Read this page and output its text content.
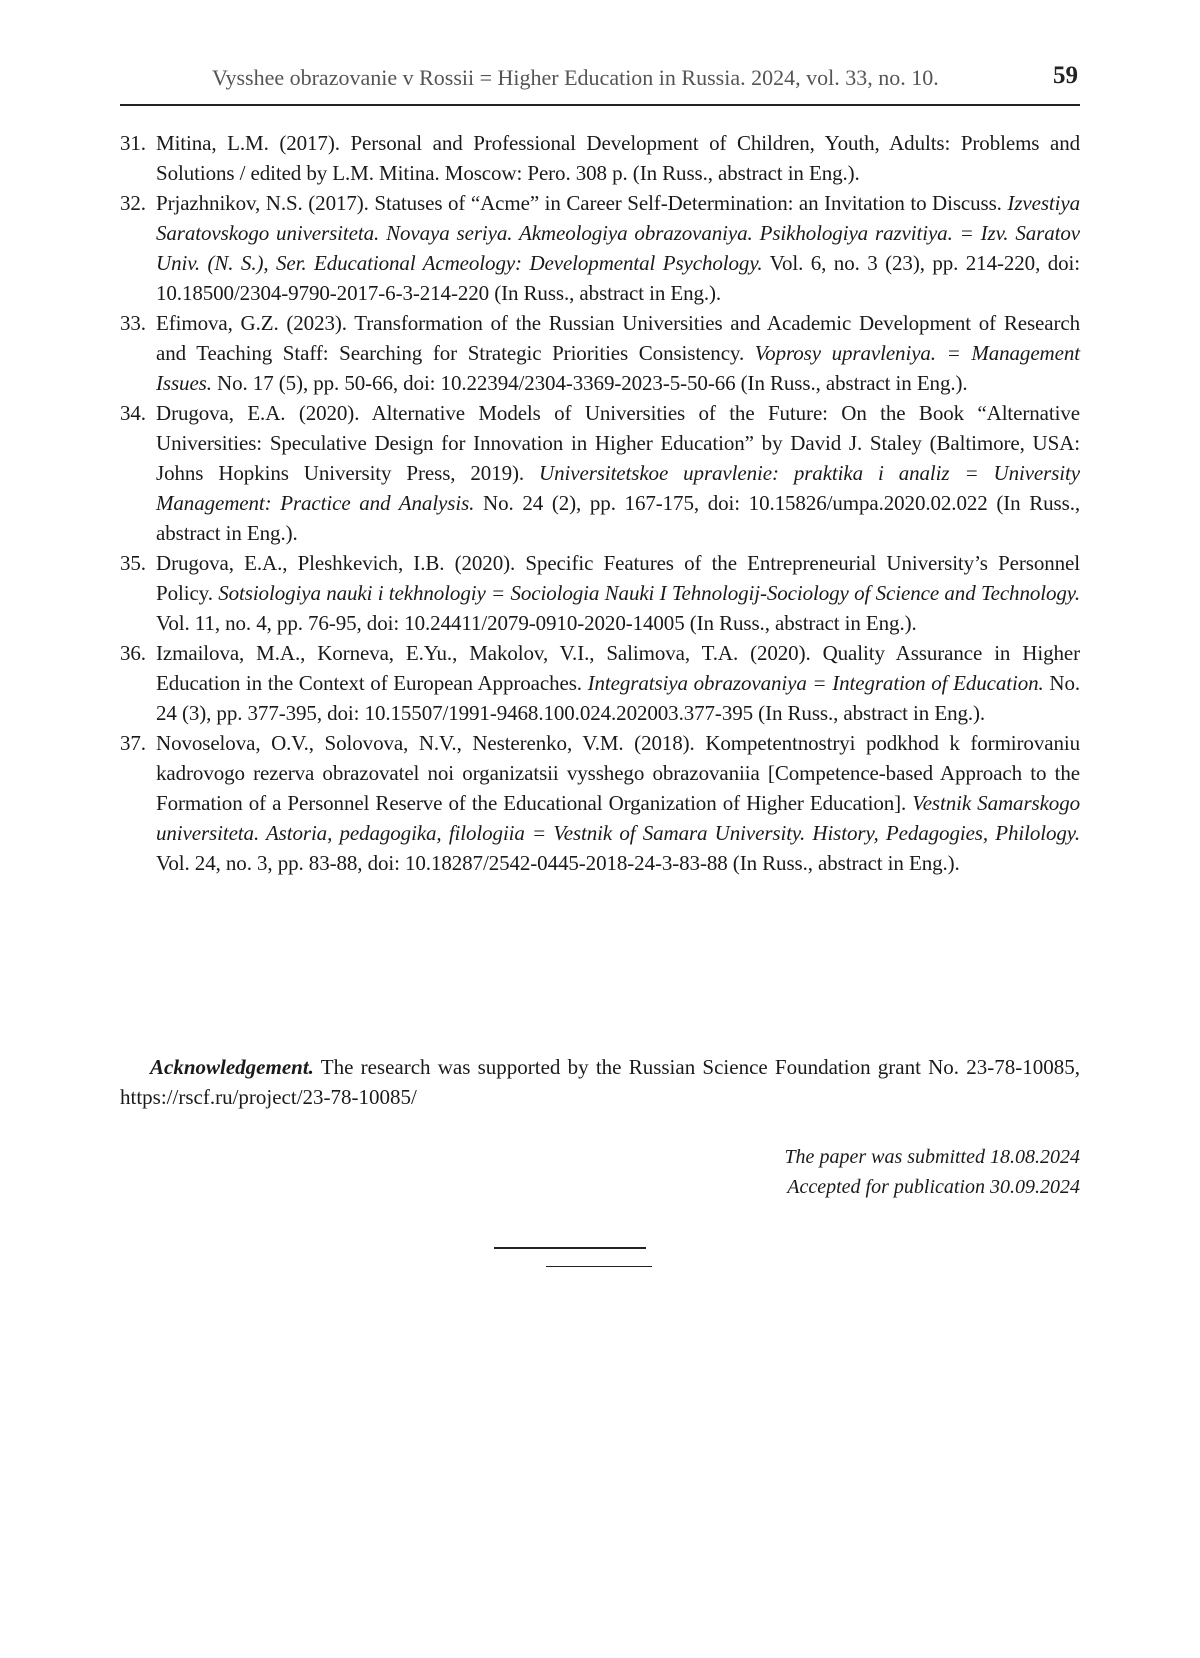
Vysshee obrazovanie v Rossii = Higher Education in Russia. 2024, vol. 33, no. 10.	59
31. Mitina, L.M. (2017). Personal and Professional Development of Children, Youth, Adults: Problems and Solutions / edited by L.M. Mitina. Moscow: Pero. 308 p. (In Russ., abstract in Eng.).
32. Prjazhnikov, N.S. (2017). Statuses of “Acme” in Career Self-Determination: an Invitation to Discuss. Izvestiya Saratovskogo universiteta. Novaya seriya. Akmeologiya obrazovaniya. Psikhologiya razvitiya. = Izv. Saratov Univ. (N. S.), Ser. Educational Acmeology: Developmental Psychology. Vol. 6, no. 3 (23), pp. 214-220, doi: 10.18500/2304-9790-2017-6-3-214-220 (In Russ., abstract in Eng.).
33. Efimova, G.Z. (2023). Transformation of the Russian Universities and Academic Development of Research and Teaching Staff: Searching for Strategic Priorities Consistency. Voprosy upravleniya. = Management Issues. No. 17 (5), pp. 50-66, doi: 10.22394/2304-3369-2023-5-50-66 (In Russ., abstract in Eng.).
34. Drugova, E.A. (2020). Alternative Models of Universities of the Future: On the Book “Alternative Universities: Speculative Design for Innovation in Higher Education” by David J. Staley (Baltimore, USA: Johns Hopkins University Press, 2019). Universitetskoe upravlenie: praktika i analiz = University Management: Practice and Analysis. No. 24 (2), pp. 167-175, doi: 10.15826/umpa.2020.02.022 (In Russ., abstract in Eng.).
35. Drugova, E.A., Pleshkevich, I.B. (2020). Specific Features of the Entrepreneurial University’s Personnel Policy. Sotsiologiya nauki i tekhnologiy = Sociologia Nauki I Tehnologij-Sociology of Science and Technology. Vol. 11, no. 4, pp. 76-95, doi: 10.24411/2079-0910-2020-14005 (In Russ., abstract in Eng.).
36. Izmailova, M.A., Korneva, E.Yu., Makolov, V.I., Salimova, T.A. (2020). Quality Assurance in Higher Education in the Context of European Approaches. Integratsiya obrazovaniya = Integration of Education. No. 24 (3), pp. 377-395, doi: 10.15507/1991-9468.100.024.202003.377-395 (In Russ., abstract in Eng.).
37. Novoselova, O.V., Solovova, N.V., Nesterenko, V.M. (2018). Kompetentnostryi podkhod k formirovaniu kadrovogo rezerva obrazovatel noi organizatsii vysshego obrazovaniia [Competence-based Approach to the Formation of a Personnel Reserve of the Educational Organization of Higher Education]. Vestnik Samarskogo universiteta. Astoria, pedagogika, filologiia = Vestnik of Samara University. History, Pedagogies, Philology. Vol. 24, no. 3, pp. 83-88, doi: 10.18287/2542-0445-2018-24-3-83-88 (In Russ., abstract in Eng.).

Acknowledgement. The research was supported by the Russian Science Foundation grant No. 23-78-10085, https://rscf.ru/project/23-78-10085/

The paper was submitted 18.08.2024
Accepted for publication 30.09.2024
